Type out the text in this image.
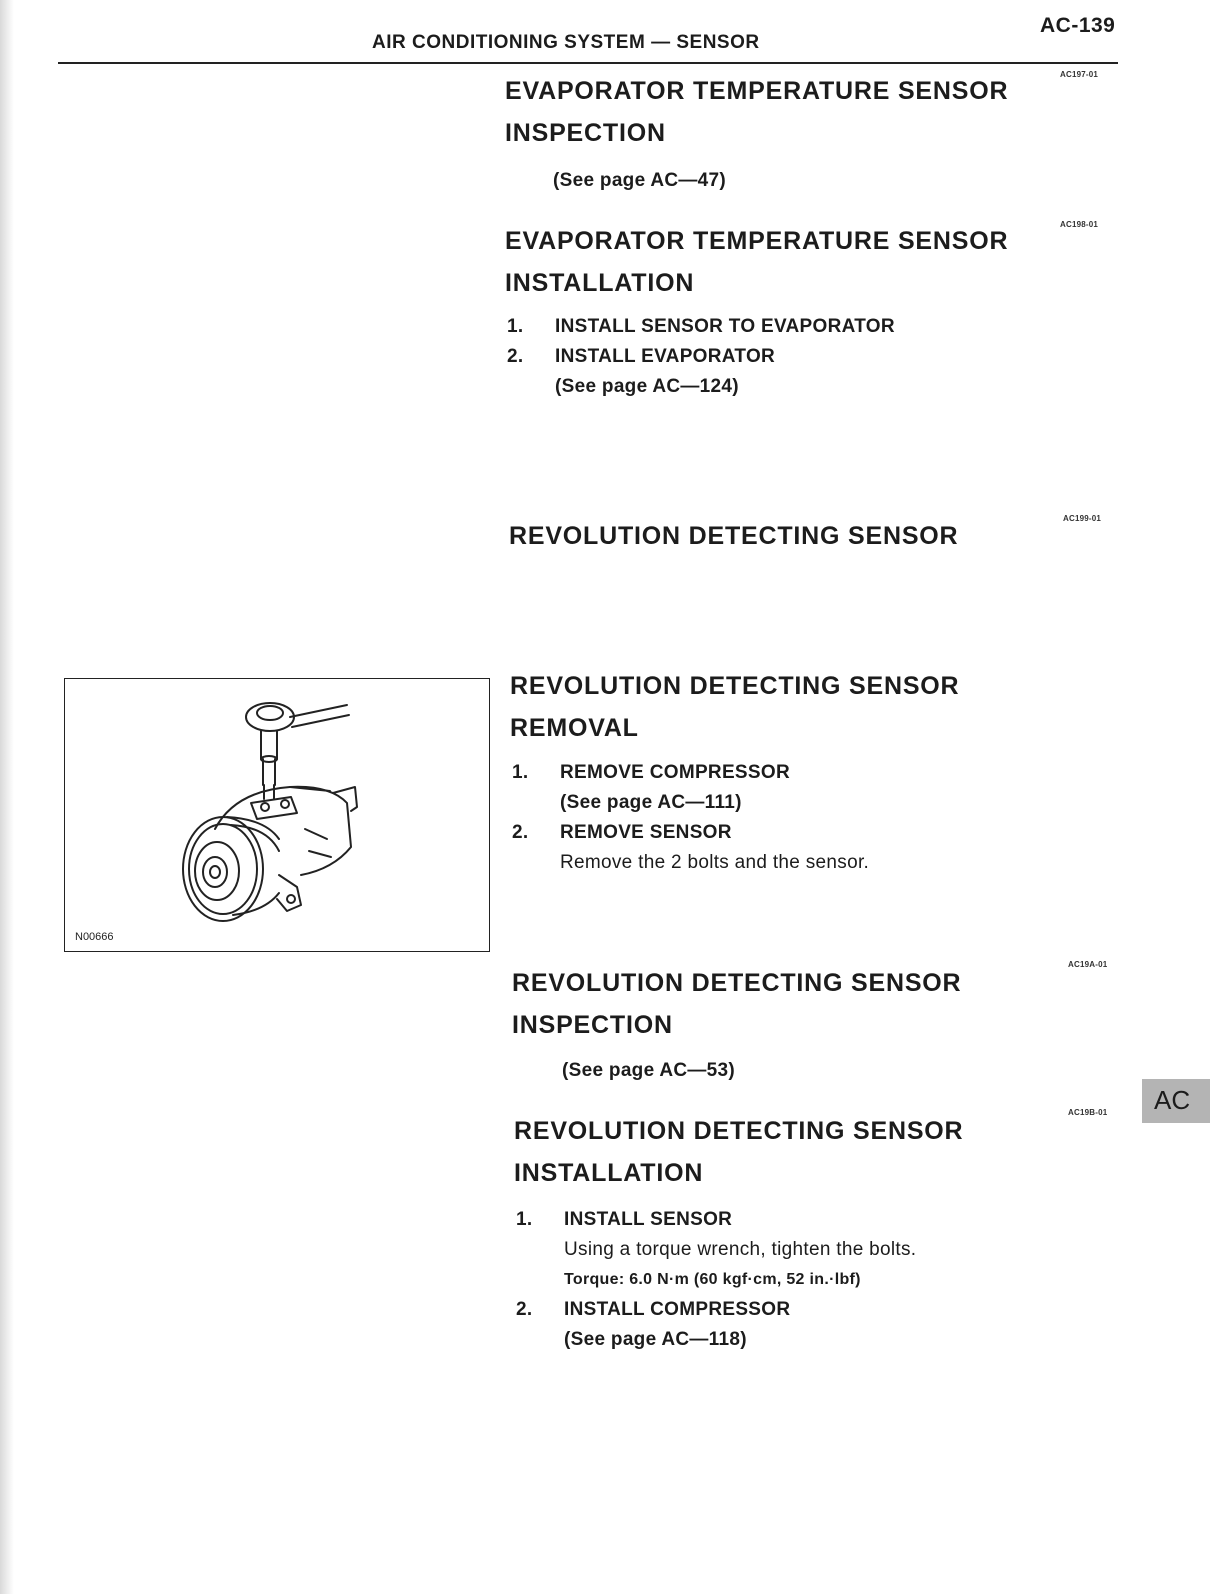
AIR CONDITIONING SYSTEM — SENSOR
AC-139
AC197-01
EVAPORATOR TEMPERATURE SENSOR
INSPECTION
(See page AC—47)
AC198-01
EVAPORATOR TEMPERATURE SENSOR
INSTALLATION
1. INSTALL SENSOR TO EVAPORATOR
2. INSTALL EVAPORATOR
(See page AC—124)
AC199-01
REVOLUTION DETECTING SENSOR
N00666
REVOLUTION DETECTING SENSOR
REMOVAL
1. REMOVE COMPRESSOR
(See page AC—111)
2. REMOVE SENSOR
Remove the 2 bolts and the sensor.
AC19A-01
REVOLUTION DETECTING SENSOR
INSPECTION
(See page AC—53)
AC19B-01
REVOLUTION DETECTING SENSOR
INSTALLATION
1. INSTALL SENSOR
Using a torque wrench, tighten the bolts.
Torque: 6.0 N·m (60 kgf·cm, 52 in.·lbf)
2. INSTALL COMPRESSOR
(See page AC—118)
AC
